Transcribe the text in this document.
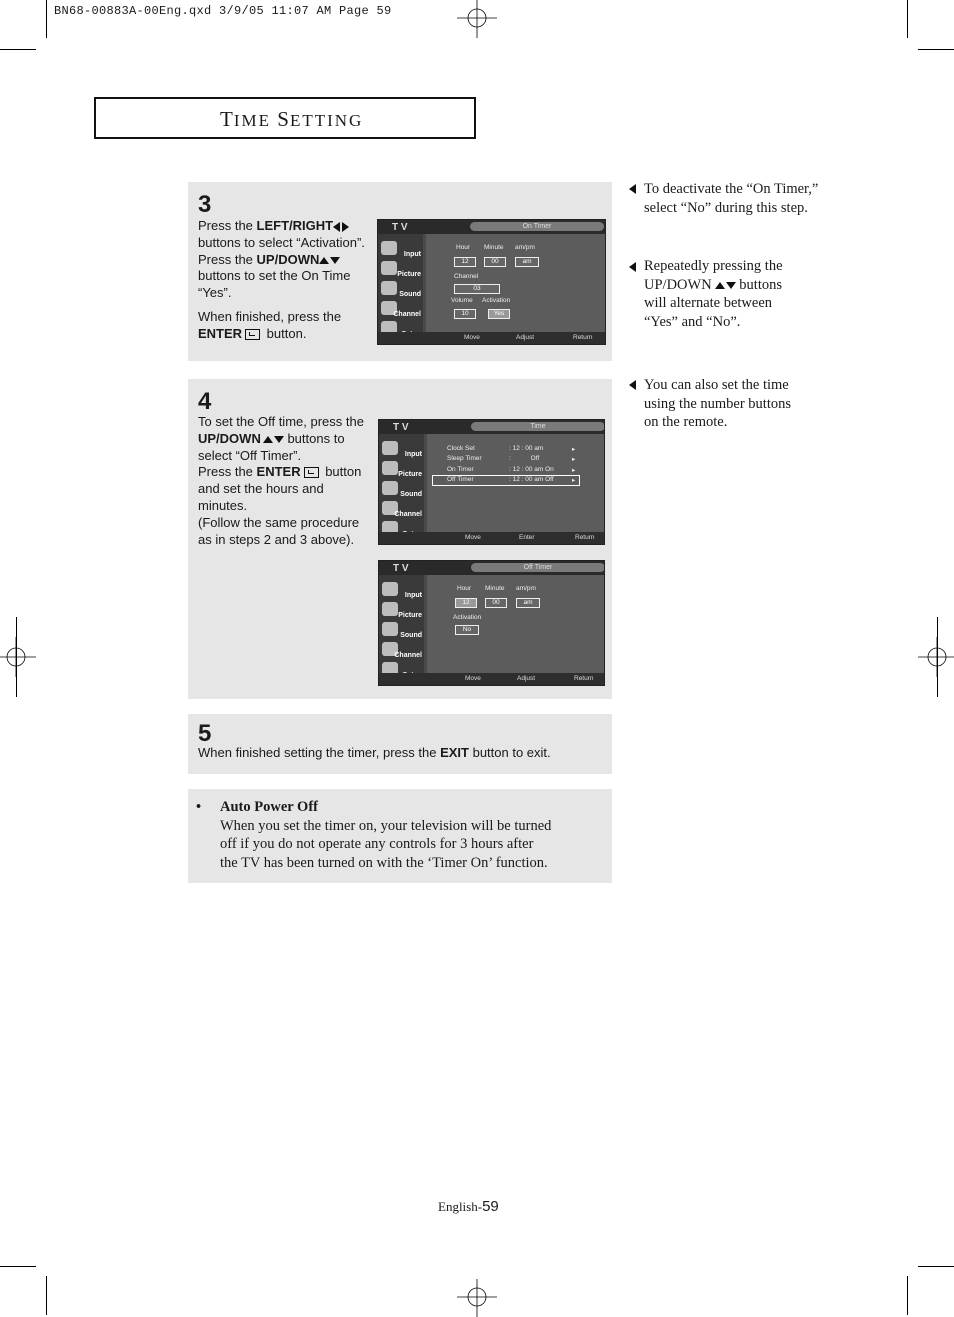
BN68-00883A-00Eng.qxd 3/9/05 11:07 AM Page 59
TIME SETTING
3

Press the LEFT/RIGHT

buttons to select “Activation”.

Press the UP/DOWN

buttons to set the On Time

“Yes”.

When finished, press the

ENTER button.

T V	On Timer
Input
Picture
Sound
Channel
Hour Minute am/pm
12	00	am
Channel
03
Volume Activation
10	Yes
Move	Adjust	Return
4

To set the Off time, press the

UP/DOWN buttons to

select “Off Timer”.

Press the ENTER button

and set the hours and

minutes.

(Follow the same procedure

as in steps 2 and 3 above).

T V	Time
Input
Picture
Sound
Channel
Clock Set	: 12 : 00 am	▸
Sleep Timer	:           Off	▸
On Timer	: 12 : 00 am On	▸
Off Timer	: 12 : 00 am Off	▸
Move	Enter	Return
T V	Off Timer
Input
Picture
Sound
Channel
Hour Minute am/pm
12	00	am
Activation
No
Move	Adjust	Return
5
When finished setting the timer, press the EXIT button to exit.
• Auto Power Off
When you set the timer on, your television will be turned
off if you do not operate any controls for 3 hours after
the TV has been turned on with the ‘Timer On’ function.
To deactivate the “On Timer,”
select “No” during this step.
Repeatedly pressing the
UP/DOWN buttons
will alternate between
“Yes” and “No”.
You can also set the time
using the number buttons
on the remote.
English-59
